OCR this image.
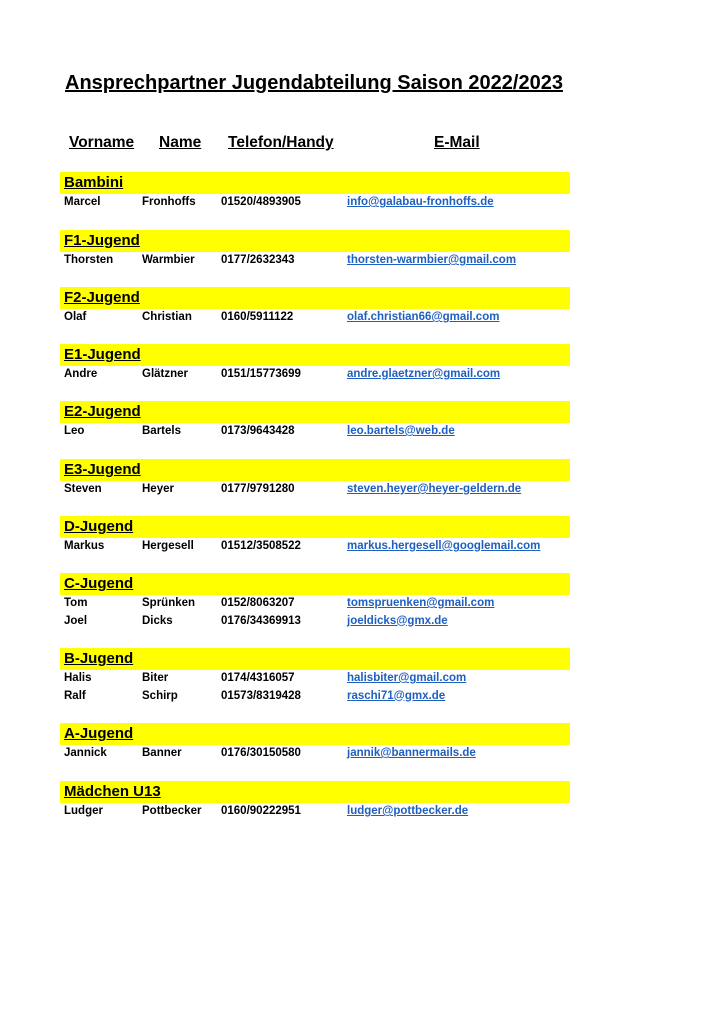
Ansprechpartner Jugendabteilung Saison 2022/2023
Vorname Name Telefon/Handy	E-Mail
Bambini
Marcel	Fronhoffs 01520/4893905	info@galabau-fronhoffs.de
F1-Jugend
Thorsten	Warmbier 0177/2632343	thorsten-warmbier@gmail.com
F2-Jugend
Olaf	Christian	0160/5911122	olaf.christian66@gmail.com
E1-Jugend
Andre	Glätzner	0151/15773699	andre.glaetzner@gmail.com
E2-Jugend
Leo	Bartels	0173/9643428	leo.bartels@web.de
E3-Jugend
Steven	Heyer	0177/9791280	steven.heyer@heyer-geldern.de
D-Jugend
Markus	Hergesell 01512/3508522	markus.hergesell@googlemail.com
C-Jugend
Tom	Sprünken 0152/8063207	tomspruenken@gmail.com
Joel	Dicks	0176/34369913	joeldicks@gmx.de
B-Jugend
Halis	Biter	0174/4316057	halisbiter@gmail.com
Ralf	Schirp	01573/8319428	raschi71@gmx.de
A-Jugend
Jannick	Banner	0176/30150580	jannik@bannermails.de
Mädchen U13
Ludger	Pottbecker 0160/90222951	ludger@pottbecker.de
